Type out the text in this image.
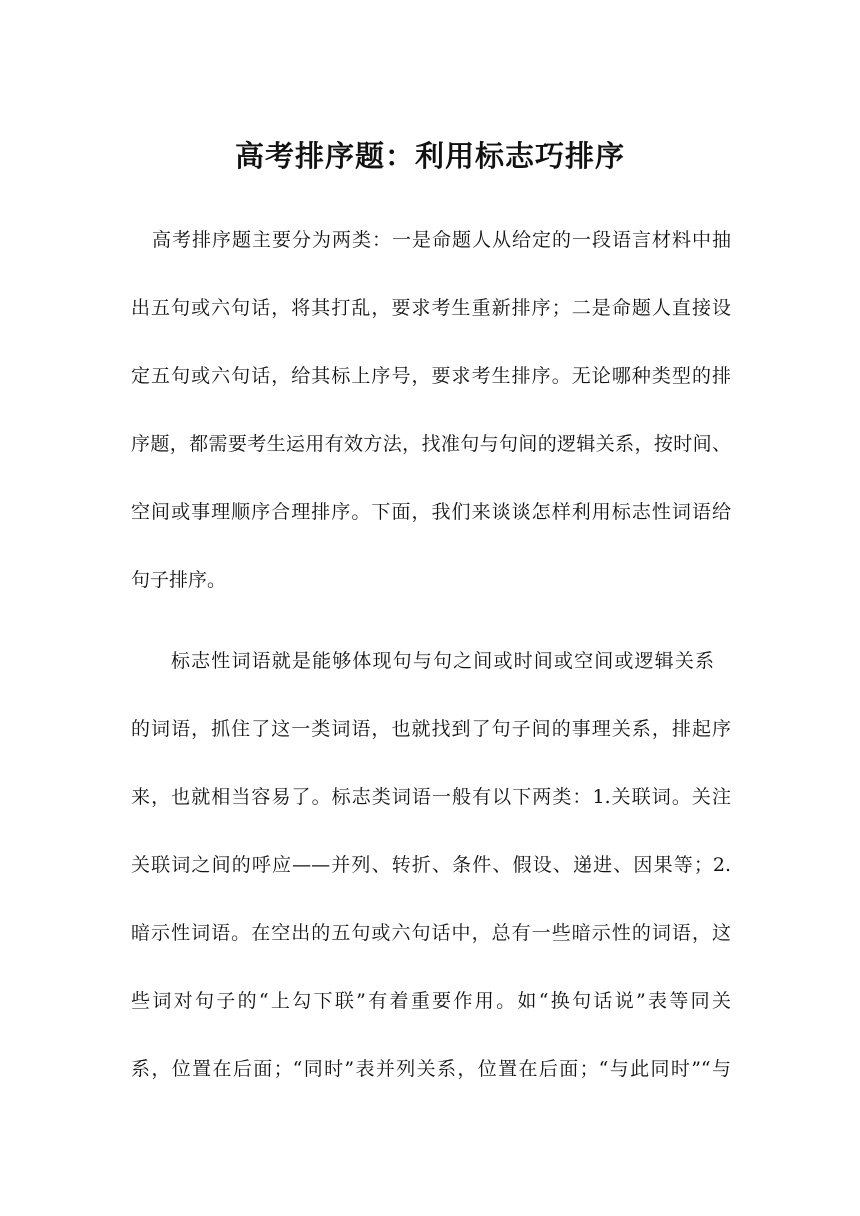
高考排序题：利用标志巧排序
高考排序题主要分为两类：一是命题人从给定的一段语言材料中抽
出五句或六句话，将其打乱，要求考生重新排序；二是命题人直接设
定五句或六句话，给其标上序号，要求考生排序。无论哪种类型的排
序题，都需要考生运用有效方法，找准句与句间的逻辑关系，按时间、
空间或事理顺序合理排序。下面，我们来谈谈怎样利用标志性词语给
句子排序。
标志性词语就是能够体现句与句之间或时间或空间或逻辑关系
的词语，抓住了这一类词语，也就找到了句子间的事理关系，排起序
来，也就相当容易了。标志类词语一般有以下两类：1.关联词。关注
关联词之间的呼应——并列、转折、条件、假设、递进、因果等；2.
暗示性词语。在空出的五句或六句话中，总有一些暗示性的词语，这
些词对句子的“上勾下联”有着重要作用。如“换句话说”表等同关
系，位置在后面；“同时”表并列关系，位置在后面；“与此同时”“与
